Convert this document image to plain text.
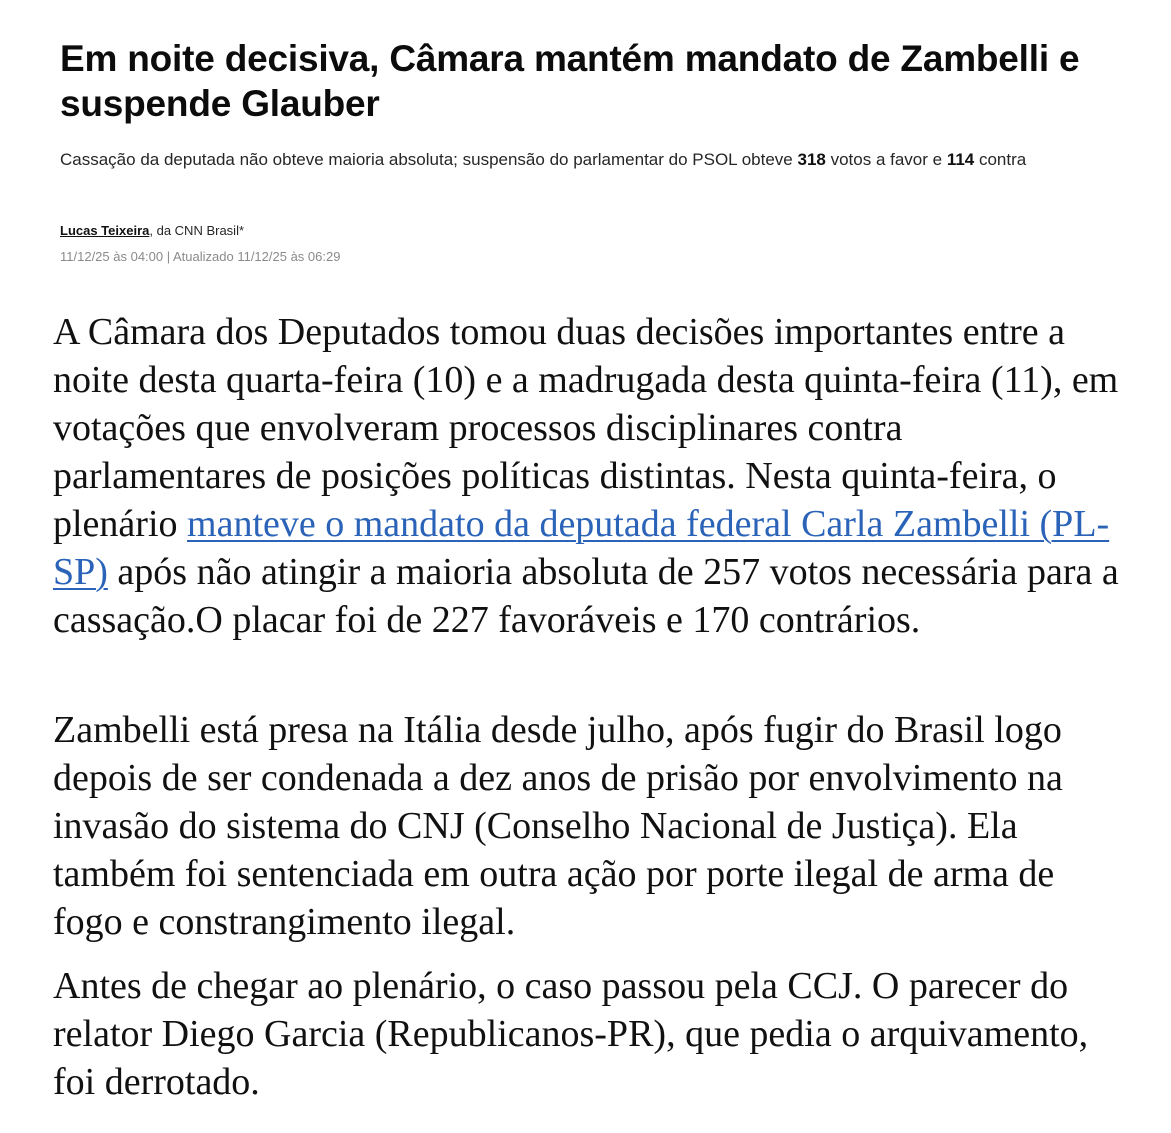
Em noite decisiva, Câmara mantém mandato de Zambelli e suspende Glauber

Cassação da deputada não obteve maioria absoluta; suspensão do parlamentar do PSOL obteve 318 votos a favor e 114 contra

Lucas Teixeira, da CNN Brasil*
11/12/25 às 04:00 | Atualizado 11/12/25 às 06:29

A Câmara dos Deputados tomou duas decisões importantes entre a noite desta quarta-feira (10) e a madrugada desta quinta-feira (11), em votações que envolveram processos disciplinares contra parlamentares de posições políticas distintas. Nesta quinta-feira, o plenário manteve o mandato da deputada federal Carla Zambelli (PL-SP) após não atingir a maioria absoluta de 257 votos necessária para a cassação.O placar foi de 227 favoráveis e 170 contrários.

Zambelli está presa na Itália desde julho, após fugir do Brasil logo depois de ser condenada a dez anos de prisão por envolvimento na invasão do sistema do CNJ (Conselho Nacional de Justiça). Ela também foi sentenciada em outra ação por porte ilegal de arma de fogo e constrangimento ilegal.

Antes de chegar ao plenário, o caso passou pela CCJ. O parecer do relator Diego Garcia (Republicanos-PR), que pedia o arquivamento, foi derrotado.
